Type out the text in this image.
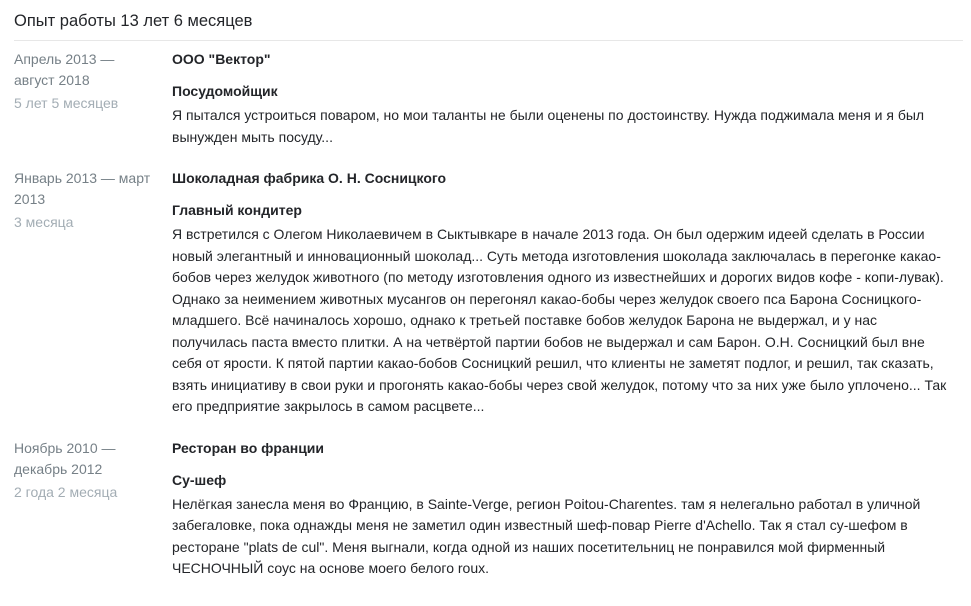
Опыт работы 13 лет 6 месяцев
Апрель 2013 — август 2018
5 лет 5 месяцев
ООО "Вектор"
Посудомойщик
Я пытался устроиться поваром, но мои таланты не были оценены по достоинству. Нужда поджимала меня и я был вынужден мыть посуду...
Январь 2013 — март 2013
3 месяца
Шоколадная фабрика О. Н. Сосницкого
Главный кондитер
Я встретился с Олегом Николаевичем в Сыктывкаре в начале 2013 года. Он был одержим идеей сделать в России новый элегантный и инновационный шоколад... Суть метода изготовления шоколада заключалась в перегонке какао-бобов через желудок животного (по методу изготовления одного из известнейших и дорогих видов кофе - копи-лувак). Однако за неимением животных мусангов он перегонял какао-бобы через желудок своего пса Барона Сосницкого-младшего. Всё начиналось хорошо, однако к третьей поставке бобов желудок Барона не выдержал, и у нас получилась паста вместо плитки. А на четвёртой партии бобов не выдержал и сам Барон. О.Н. Сосницкий был вне себя от ярости. К пятой партии какао-бобов Сосницкий решил, что клиенты не заметят подлог, и решил, так сказать, взять инициативу в свои руки и прогонять какао-бобы через свой желудок, потому что за них уже было уплочено... Так его предприятие закрылось в самом расцвете...
Ноябрь 2010 — декабрь 2012
2 года 2 месяца
Ресторан во франции
Су-шеф
Нелёгкая занесла меня во Францию, в Sainte-Verge, регион Poitou-Charentes. там я нелегально работал в уличной забегаловке, пока однажды меня не заметил один известный шеф-повар Pierre d'Achello. Так я стал су-шефом в ресторане "plats de cul". Меня выгнали, когда одной из наших посетительниц не понравился мой фирменный ЧЕСНОЧНЫЙ соус на основе моего белого roux.
